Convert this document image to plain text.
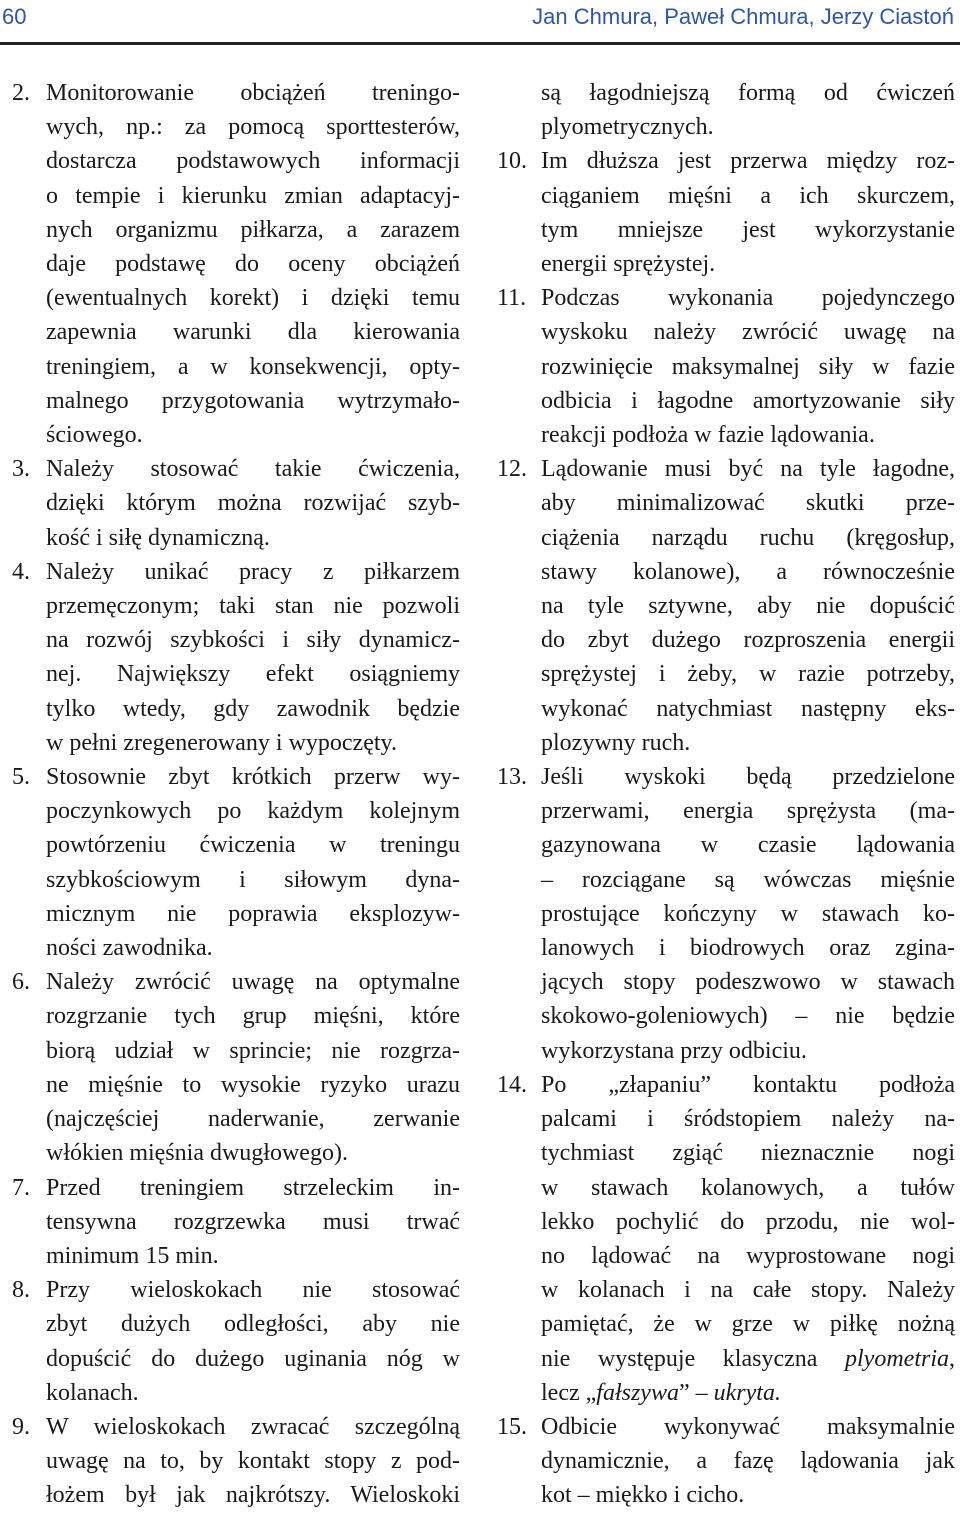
60	Jan Chmura, Paweł Chmura, Jerzy Ciastoń
2. Monitorowanie obciążeń treningo-
wych, np.: za pomocą sporttesterów,
dostarcza podstawowych informacji
o tempie i kierunku zmian adaptacyj-
nych organizmu piłkarza, a zarazem
daje podstawę do oceny obciążeń
(ewentualnych korekt) i dzięki temu
zapewnia warunki dla kierowania
treningiem, a w konsekwencji, opty-
malnego przygotowania wytrzymało-
ściowego.
3. Należy stosować takie ćwiczenia,
dzięki którym można rozwijać szyb-
kość i siłę dynamiczną.
4. Należy unikać pracy z piłkarzem
przemęczonym; taki stan nie pozwoli
na rozwój szybkości i siły dynamicz-
nej. Największy efekt osiągniemy
tylko wtedy, gdy zawodnik będzie
w pełni zregenerowany i wypoczęty.
5. Stosownie zbyt krótkich przerw wy-
poczynkowych po każdym kolejnym
powtórzeniu ćwiczenia w treningu
szybkościowym i siłowym dyna-
micznym nie poprawia eksplozyw-
ności zawodnika.
6. Należy zwrócić uwagę na optymalne
rozgrzanie tych grup mięśni, które
biorą udział w sprincie; nie rozgrza-
ne mięśnie to wysokie ryzyko urazu
(najczęściej naderwanie, zerwanie
włókien mięśnia dwugłowego).
7. Przed treningiem strzeleckim in-
tensywna rozgrzewka musi trwać
minimum 15 min.
8. Przy wieloskokach nie stosować
zbyt dużych odległości, aby nie
dopuścić do dużego uginania nóg w
kolanach.
9. W wieloskokach zwracać szczególną
uwagę na to, by kontakt stopy z pod-
łożem był jak najkrótszy. Wieloskoki
są łagodniejszą formą od ćwiczeń
plyometrycznych.
10. Im dłuższa jest przerwa między roz-
ciąganiem mięśni a ich skurczem,
tym mniejsze jest wykorzystanie
energii sprężystej.
11. Podczas wykonania pojedynczego
wyskoku należy zwrócić uwagę na
rozwinięcie maksymalnej siły w fazie
odbicia i łagodne amortyzowanie siły
reakcji podłoża w fazie lądowania.
12. Lądowanie musi być na tyle łagodne,
aby minimalizować skutki prze-
ciążenia narządu ruchu (kręgosłup,
stawy kolanowe), a równocześnie
na tyle sztywne, aby nie dopuścić
do zbyt dużego rozproszenia energii
sprężystej i żeby, w razie potrzeby,
wykonać natychmiast następny eks-
plozywny ruch.
13. Jeśli wyskoki będą przedzielone
przerwami, energia sprężysta (ma-
gazynowana w czasie lądowania
– rozciągane są wówczas mięśnie
prostujące kończyny w stawach ko-
lanowych i biodrowych oraz zgina-
jących stopy podeszwowo w stawach
skokowo-goleniowych) – nie będzie
wykorzystana przy odbiciu.
14. Po „złapaniu” kontaktu podłoża
palcami i śródstopiem należy na-
tychmiast zgiąć nieznacznie nogi
w stawach kolanowych, a tułów
lekko pochylić do przodu, nie wol-
no lądować na wyprostowane nogi
w kolanach i na całe stopy. Należy
pamiętać, że w grze w piłkę nożną
nie występuje klasyczna plyometria,
lecz „fałszywa” – ukryta.
15. Odbicie wykonywać maksymalnie
dynamicznie, a fazę lądowania jak
kot – miękko i cicho.
